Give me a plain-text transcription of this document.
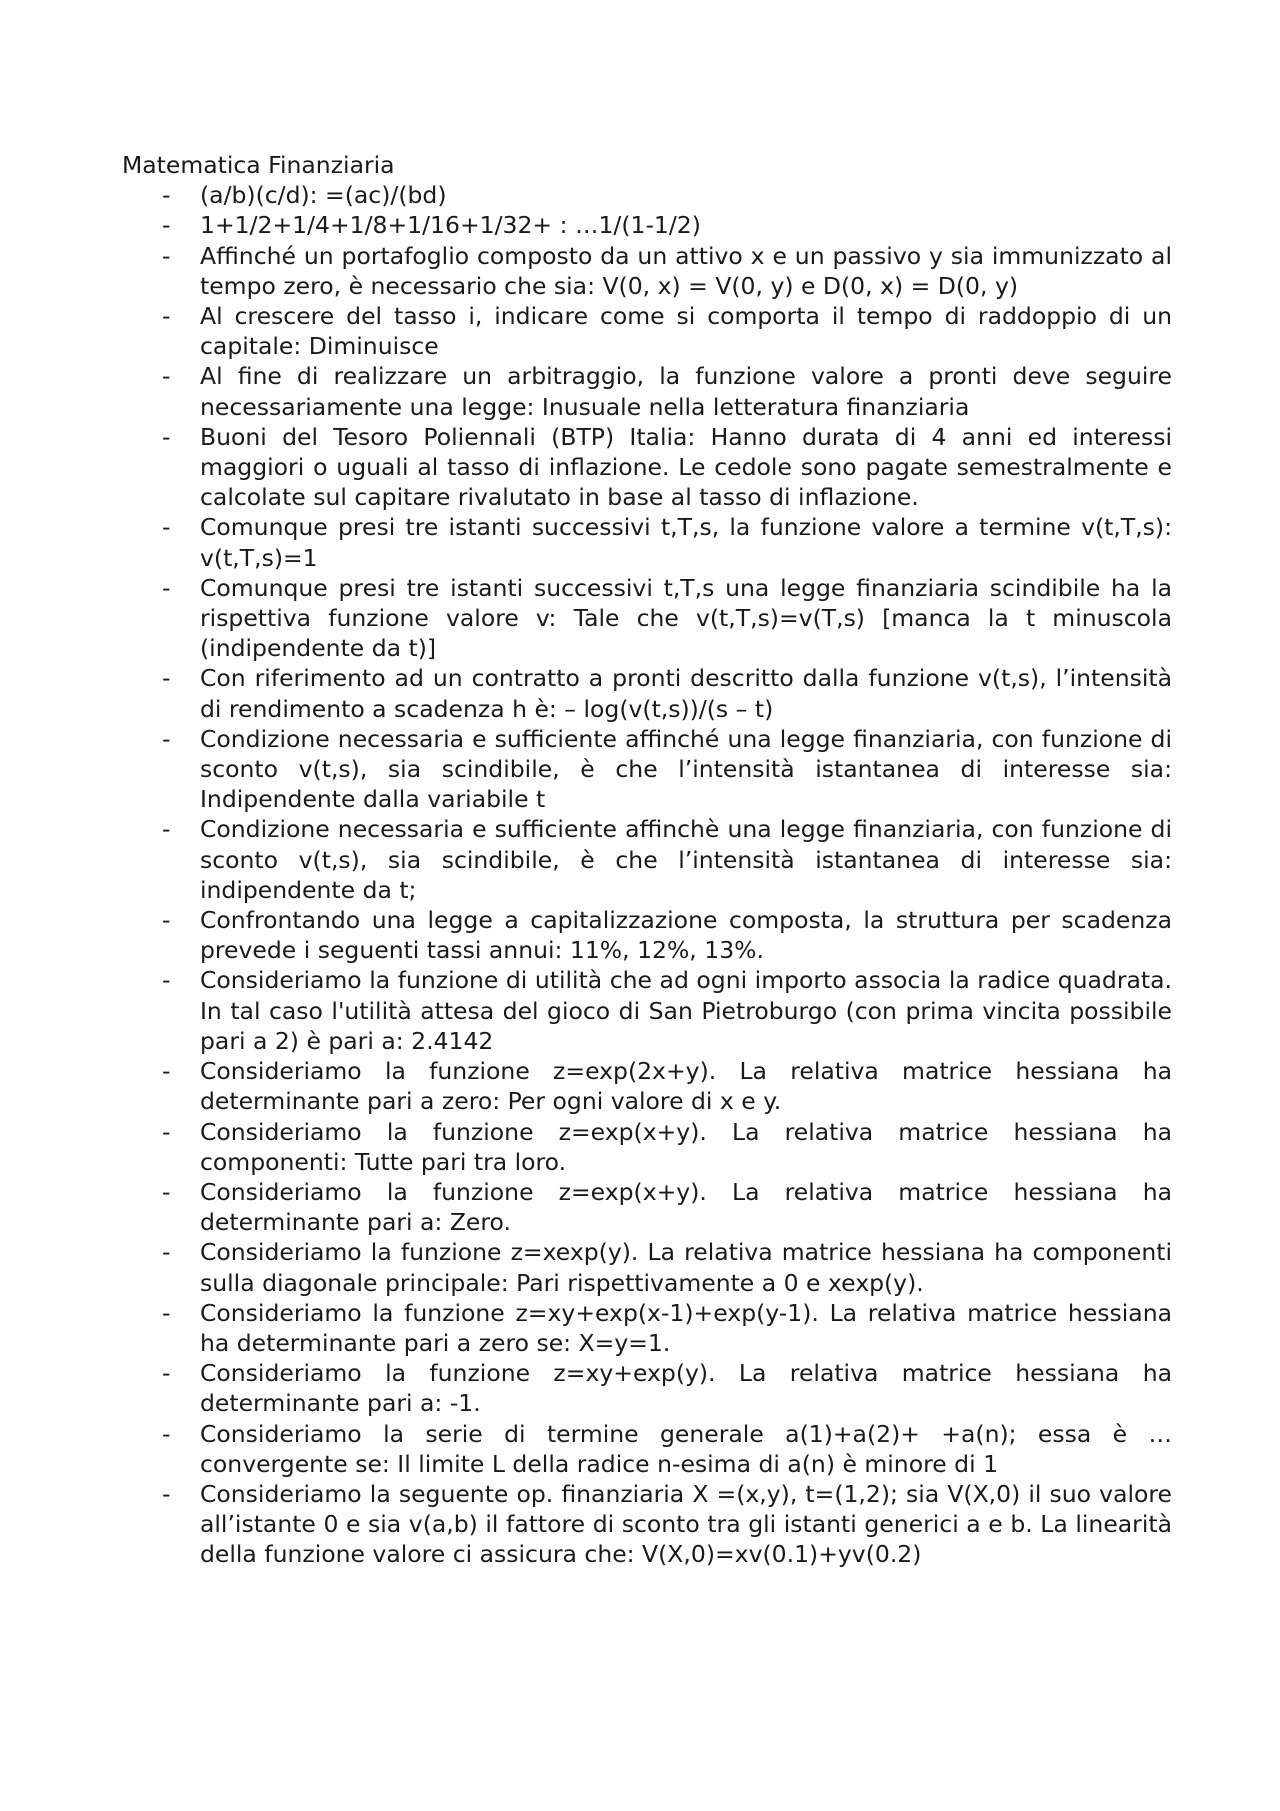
Matematica Finanziaria
- (a/b)(c/d): =(ac)/(bd)
- 1+1/2+1/4+1/8+1/16+1/32+ : …1/(1-1/2)
- Affinché un portafoglio composto da un attivo x e un passivo y sia immunizzato al tempo zero, è necessario che sia: V(0, x) = V(0, y) e D(0, x) = D(0, y)
- Al crescere del tasso i, indicare come si comporta il tempo di raddoppio di un capitale: Diminuisce
- Al fine di realizzare un arbitraggio, la funzione valore a pronti deve seguire necessariamente una legge: Inusuale nella letteratura finanziaria
- Buoni del Tesoro Poliennali (BTP) Italia: Hanno durata di 4 anni ed interessi maggiori o uguali al tasso di inflazione. Le cedole sono pagate semestralmente e calcolate sul capitare rivalutato in base al tasso di inflazione.
- Comunque presi tre istanti successivi t,T,s, la funzione valore a termine v(t,T,s): v(t,T,s)=1
- Comunque presi tre istanti successivi t,T,s una legge finanziaria scindibile ha la rispettiva funzione valore v: Tale che v(t,T,s)=v(T,s) [manca la t minuscola (indipendente da t)]
- Con riferimento ad un contratto a pronti descritto dalla funzione v(t,s), l’intensità di rendimento a scadenza h è: – log(v(t,s))/(s – t)
- Condizione necessaria e sufficiente affinché una legge finanziaria, con funzione di sconto v(t,s), sia scindibile, è che l’intensità istantanea di interesse sia: Indipendente dalla variabile t
- Condizione necessaria e sufficiente affinchè una legge finanziaria, con funzione di sconto v(t,s), sia scindibile, è che l’intensità istantanea di interesse sia: indipendente da t;
- Confrontando una legge a capitalizzazione composta, la struttura per scadenza prevede i seguenti tassi annui: 11%, 12%, 13%.
- Consideriamo la funzione di utilità che ad ogni importo associa la radice quadrata. In tal caso l'utilità attesa del gioco di San Pietroburgo (con prima vincita possibile pari a 2) è pari a: 2.4142
- Consideriamo la funzione z=exp(2x+y). La relativa matrice hessiana ha determinante pari a zero: Per ogni valore di x e y.
- Consideriamo la funzione z=exp(x+y). La relativa matrice hessiana ha componenti: Tutte pari tra loro.
- Consideriamo la funzione z=exp(x+y). La relativa matrice hessiana ha determinante pari a: Zero.
- Consideriamo la funzione z=xexp(y). La relativa matrice hessiana ha componenti sulla diagonale principale: Pari rispettivamente a 0 e xexp(y).
- Consideriamo la funzione z=xy+exp(x-1)+exp(y-1). La relativa matrice hessiana ha determinante pari a zero se: X=y=1.
- Consideriamo la funzione z=xy+exp(y). La relativa matrice hessiana ha determinante pari a: -1.
- Consideriamo la serie di termine generale a(1)+a(2)+ +a(n); essa è … convergente se: Il limite L della radice n-esima di a(n) è minore di 1
- Consideriamo la seguente op. finanziaria X =(x,y), t=(1,2); sia V(X,0) il suo valore all’istante 0 e sia v(a,b) il fattore di sconto tra gli istanti generici a e b. La linearità della funzione valore ci assicura che: V(X,0)=xv(0.1)+yv(0.2)
